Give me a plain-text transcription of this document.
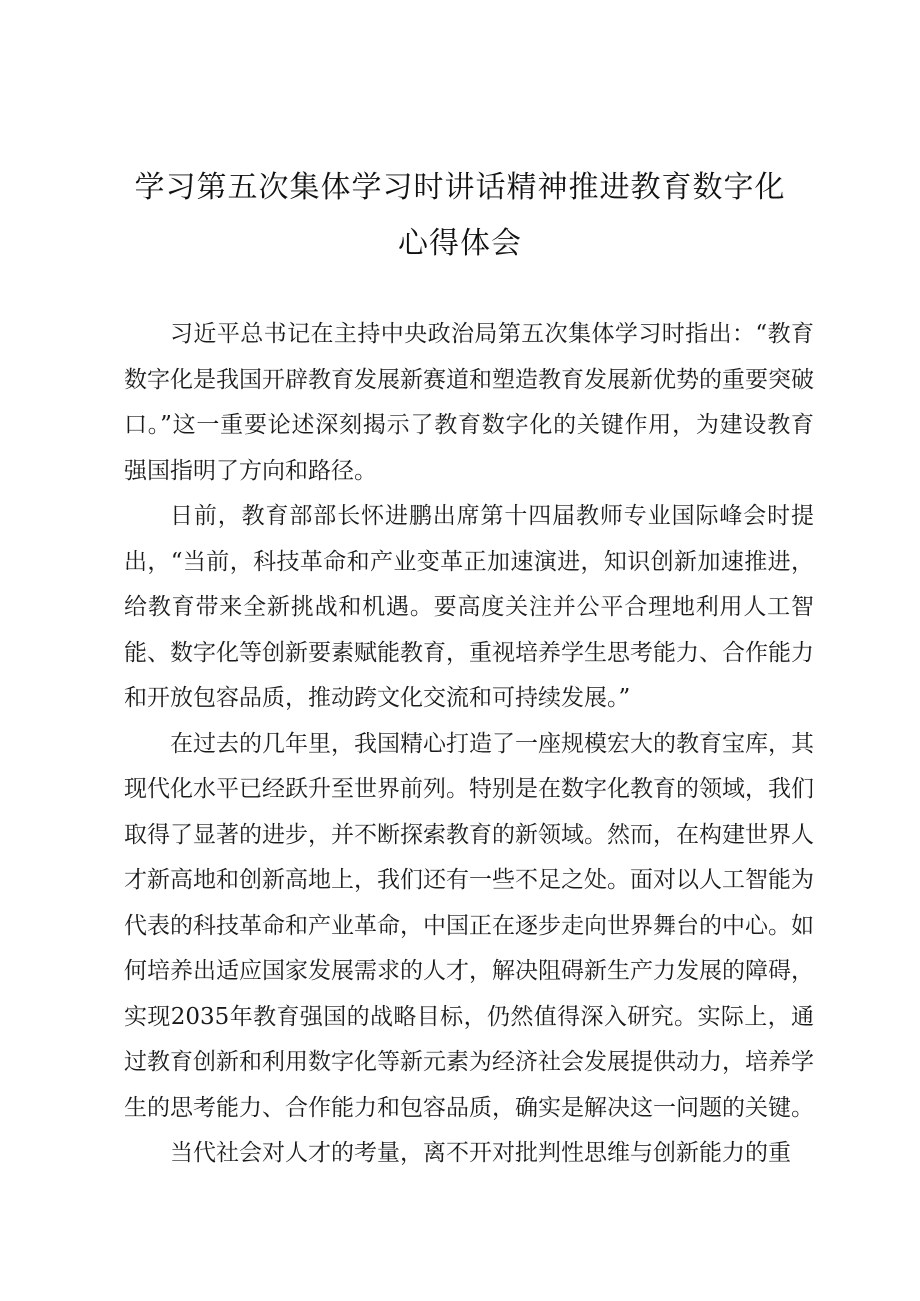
学习第五次集体学习时讲话精神推进教育数字化心得体会

习近平总书记在主持中央政治局第五次集体学习时指出：“教育数字化是我国开辟教育发展新赛道和塑造教育发展新优势的重要突破口。”这一重要论述深刻揭示了教育数字化的关键作用，为建设教育强国指明了方向和路径。

日前，教育部部长怀进鹏出席第十四届教师专业国际峰会时提出，“当前，科技革命和产业变革正加速演进，知识创新加速推进，给教育带来全新挑战和机遇。要高度关注并公平合理地利用人工智能、数字化等创新要素赋能教育，重视培养学生思考能力、合作能力和开放包容品质，推动跨文化交流和可持续发展。”

在过去的几年里，我国精心打造了一座规模宏大的教育宝库，其现代化水平已经跃升至世界前列。特别是在数字化教育的领域，我们取得了显著的进步，并不断探索教育的新领域。然而，在构建世界人才新高地和创新高地上，我们还有一些不足之处。面对以人工智能为代表的科技革命和产业革命，中国正在逐步走向世界舞台的中心。如何培养出适应国家发展需求的人才，解决阻碍新生产力发展的障碍，实现2035年教育强国的战略目标，仍然值得深入研究。实际上，通过教育创新和利用数字化等新元素为经济社会发展提供动力，培养学生的思考能力、合作能力和包容品质，确实是解决这一问题的关键。

当代社会对人才的考量，离不开对批判性思维与创新能力的重
